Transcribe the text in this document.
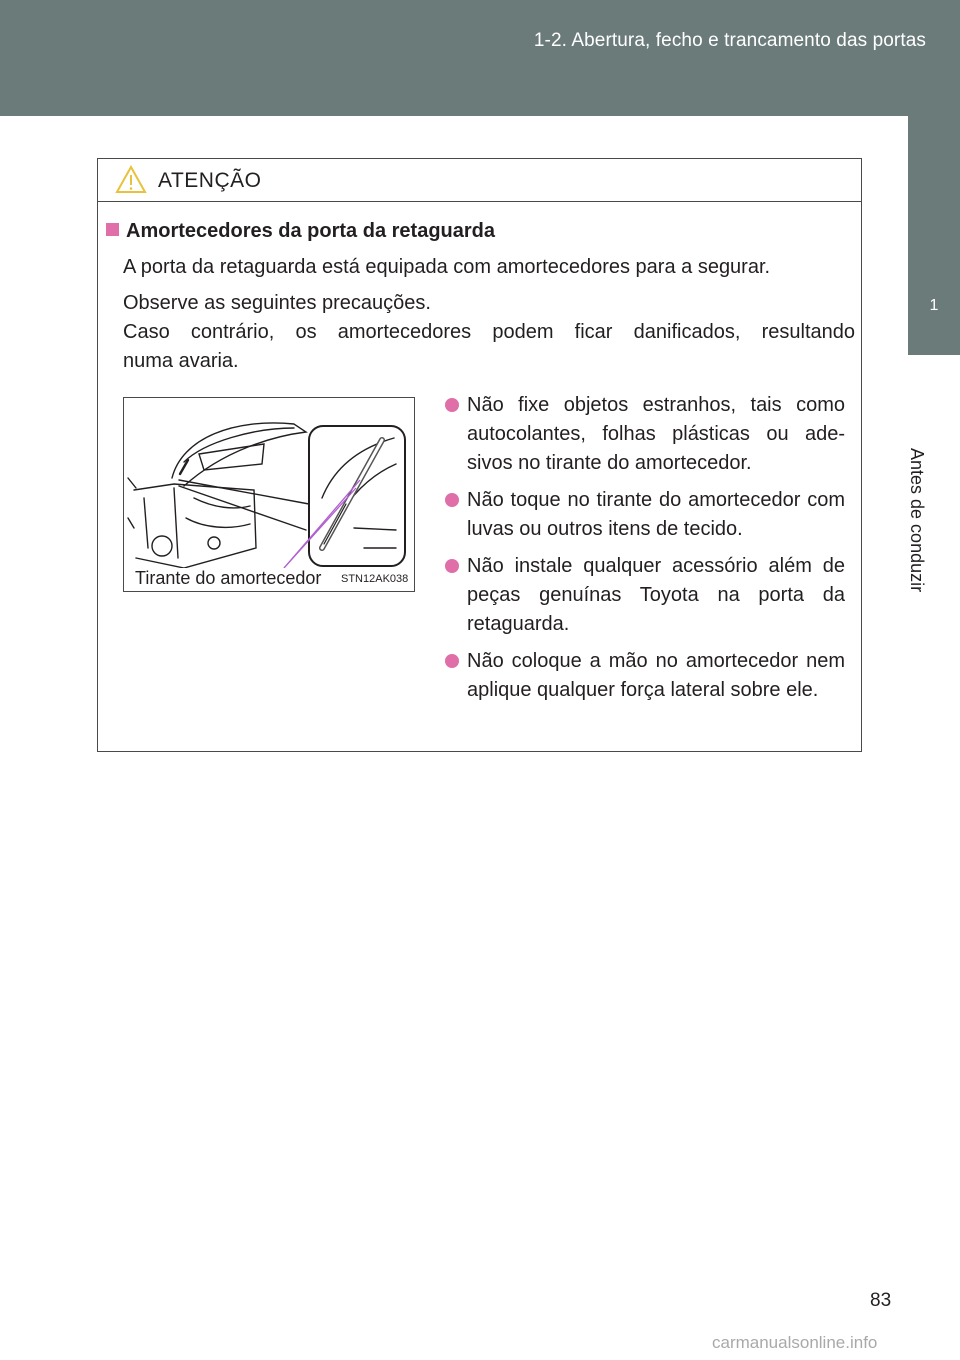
1-2. Abertura, fecho e trancamento das portas
1
Antes de conduzir
ATENÇÃO
Amortecedores da porta da retaguarda
A porta da retaguarda está equipada com amortecedores para a segurar.
Observe as seguintes precauções.
Caso contrário, os amortecedores podem ficar danificados, resultando
numa avaria.
Tirante do amortecedor STN12AK038
Não fixe objetos estranhos, tais como autocolantes, folhas plásticas ou ade-sivos no tirante do amortecedor.
Não toque no tirante do amortecedor com luvas ou outros itens de tecido.
Não instale qualquer acessório além de peças genuínas Toyota na porta da retaguarda.
Não coloque a mão no amortecedor nem aplique qualquer força lateral sobre ele.
83
carmanualsonline.info
